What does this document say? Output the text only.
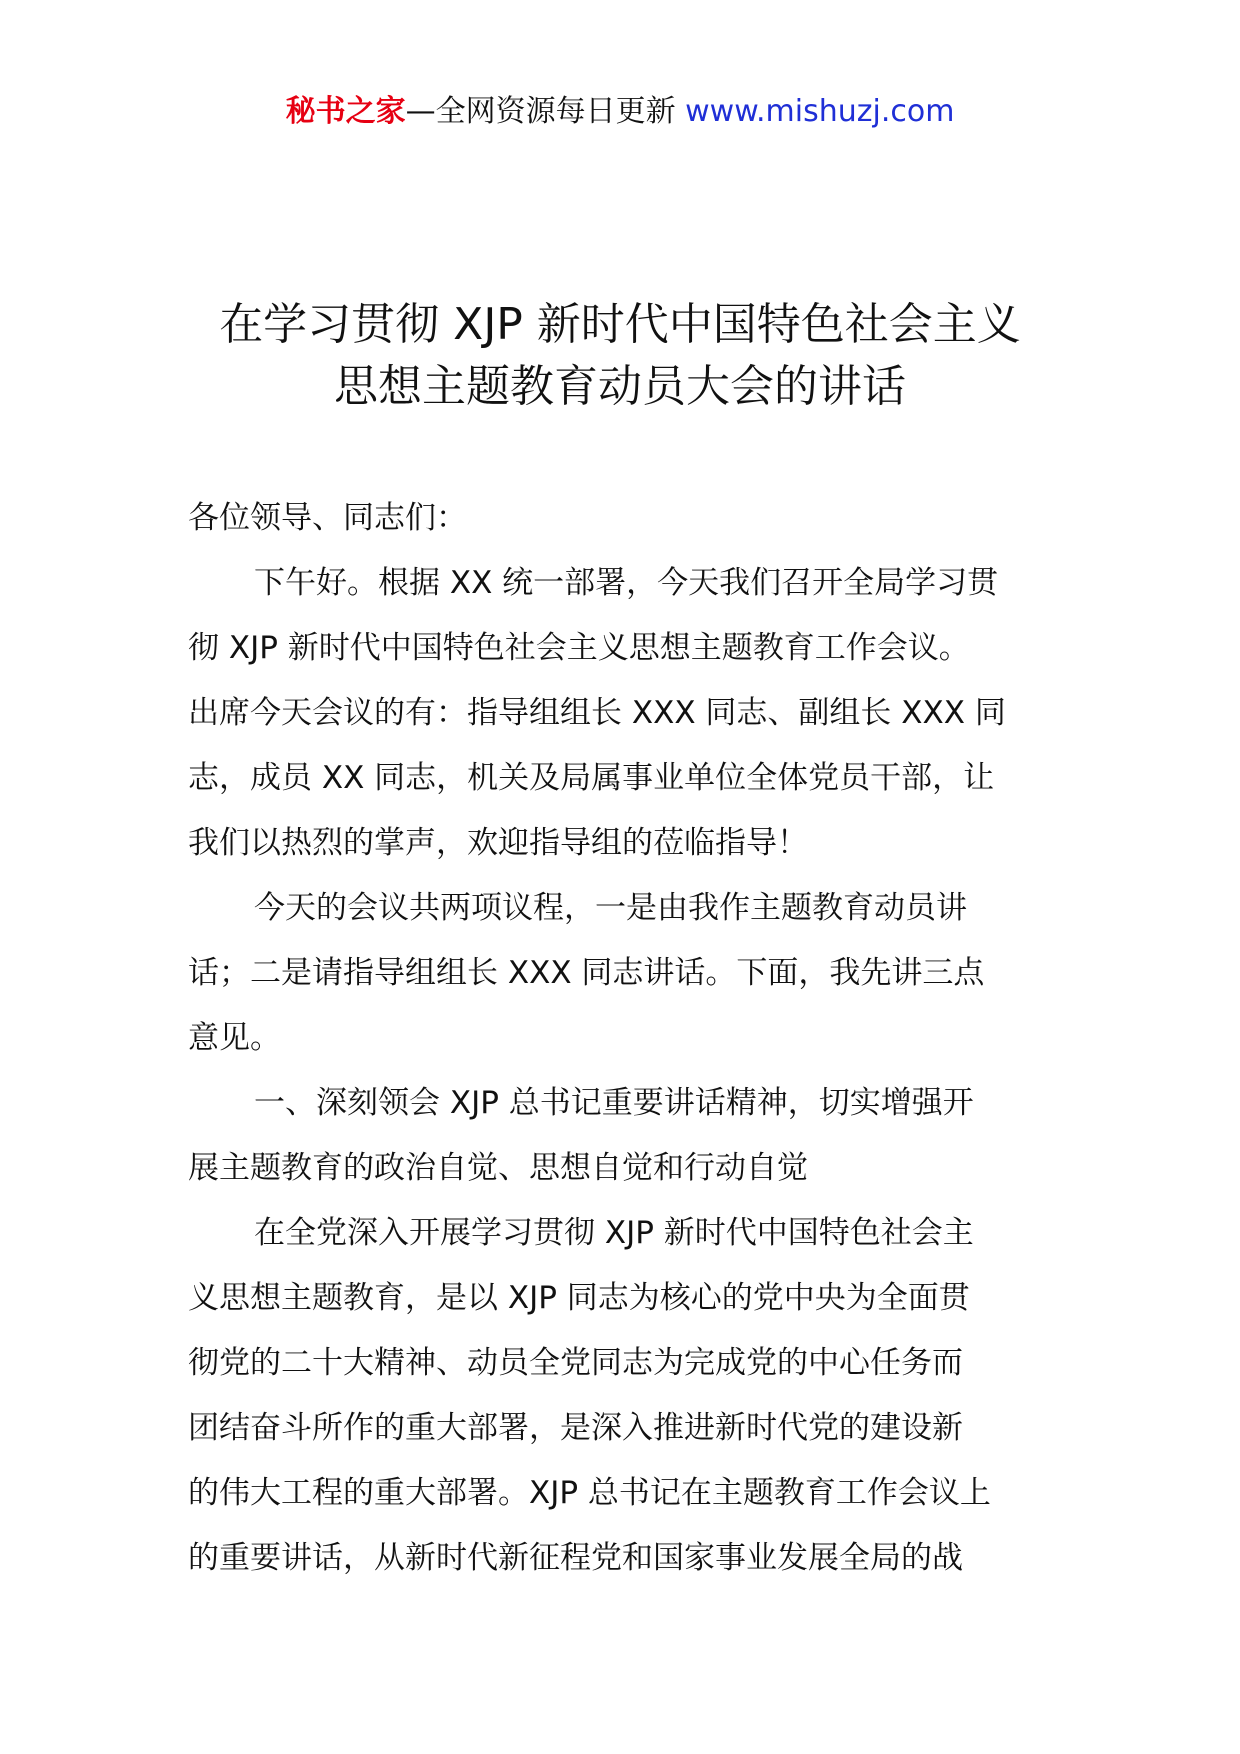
秘书之家—全网资源每日更新 www.mishuzj.com
在学习贯彻 XJP 新时代中国特色社会主义
思想主题教育动员大会的讲话
各位领导、同志们：
下午好。根据 XX 统一部署，今天我们召开全局学习贯
彻 XJP 新时代中国特色社会主义思想主题教育工作会议。
出席今天会议的有：指导组组长 XXX 同志、副组长 XXX 同
志，成员 XX 同志，机关及局属事业单位全体党员干部，让
我们以热烈的掌声，欢迎指导组的莅临指导！
今天的会议共两项议程，一是由我作主题教育动员讲
话；二是请指导组组长 XXX 同志讲话。下面，我先讲三点
意见。
一、深刻领会 XJP 总书记重要讲话精神，切实增强开
展主题教育的政治自觉、思想自觉和行动自觉
在全党深入开展学习贯彻 XJP 新时代中国特色社会主
义思想主题教育，是以 XJP 同志为核心的党中央为全面贯
彻党的二十大精神、动员全党同志为完成党的中心任务而
团结奋斗所作的重大部署，是深入推进新时代党的建设新
的伟大工程的重大部署。XJP 总书记在主题教育工作会议上
的重要讲话，从新时代新征程党和国家事业发展全局的战
